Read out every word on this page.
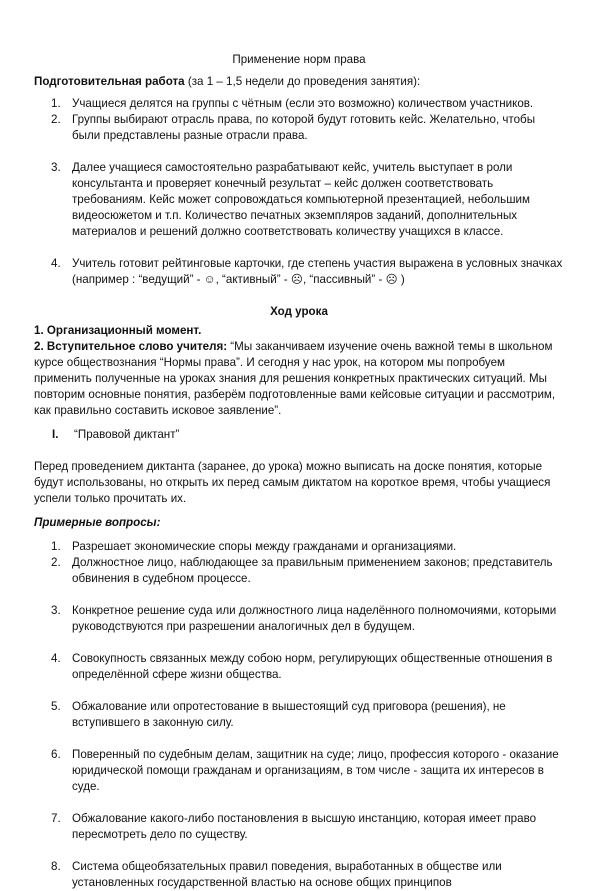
Применение норм права

Подготовительная работа (за 1 – 1,5 недели до проведения занятия):

1. Учащиеся делятся на группы с чётным (если это возможно) количеством участников.
2. Группы выбирают отрасль права, по которой будут готовить кейс. Желательно, чтобы были представлены разные отрасли права.
3. Далее учащиеся самостоятельно разрабатывают кейс, учитель выступает в роли консультанта и проверяет конечный результат – кейс должен соответствовать требованиям. Кейс может сопровождаться компьютерной презентацией, небольшим видеосюжетом и т.п. Количество печатных экземпляров заданий, дополнительных материалов и решений должно соответствовать количеству учащихся в классе.
4. Учитель готовит рейтинговые карточки, где степень участия выражена в условных значках (например : “ведущий” - ☺, “активный” - ☹, “пассивный” - ☹ )

Ход урока

1. Организационный момент.

2. Вступительное слово учителя: “Мы заканчиваем изучение очень важной темы в школьном курсе обществознания “Нормы права”. И сегодня у нас урок, на котором мы попробуем применить полученные на уроках знания для решения конкретных практических ситуаций. Мы повторим основные понятия, разберём подготовленные вами кейсовые ситуации и рассмотрим, как правильно составить исковое заявление”.

I. “Правовой диктант”

Перед проведением диктанта (заранее, до урока) можно выписать на доске понятия, которые будут использованы, но открыть их перед самым диктатом на короткое время, чтобы учащиеся успели только прочитать их.

Примерные вопросы:

1. Разрешает экономические споры между гражданами и организациями.
2. Должностное лицо, наблюдающее за правильным применением законов; представитель обвинения в судебном процессе.
3. Конкретное решение суда или должностного лица наделённого полномочиями, которыми руководствуются при разрешении аналогичных дел в будущем.
4. Совокупность связанных между собою норм, регулирующих общественные отношения в определённой сфере жизни общества.
5. Обжалование или опротестование в вышестоящий суд приговора (решения), не вступившего в законную силу.
6. Поверенный по судебным делам, защитник на суде; лицо, профессия которого - оказание юридической помощи гражданам и организациям, в том числе - защита их интересов в суде.
7. Обжалование какого-либо постановления в высшую инстанцию, которая имеет право пересмотреть дело по существу.
8. Система общеобязательных правил поведения, выработанных в обществе или установленных государственной властью на основе общих принципов
